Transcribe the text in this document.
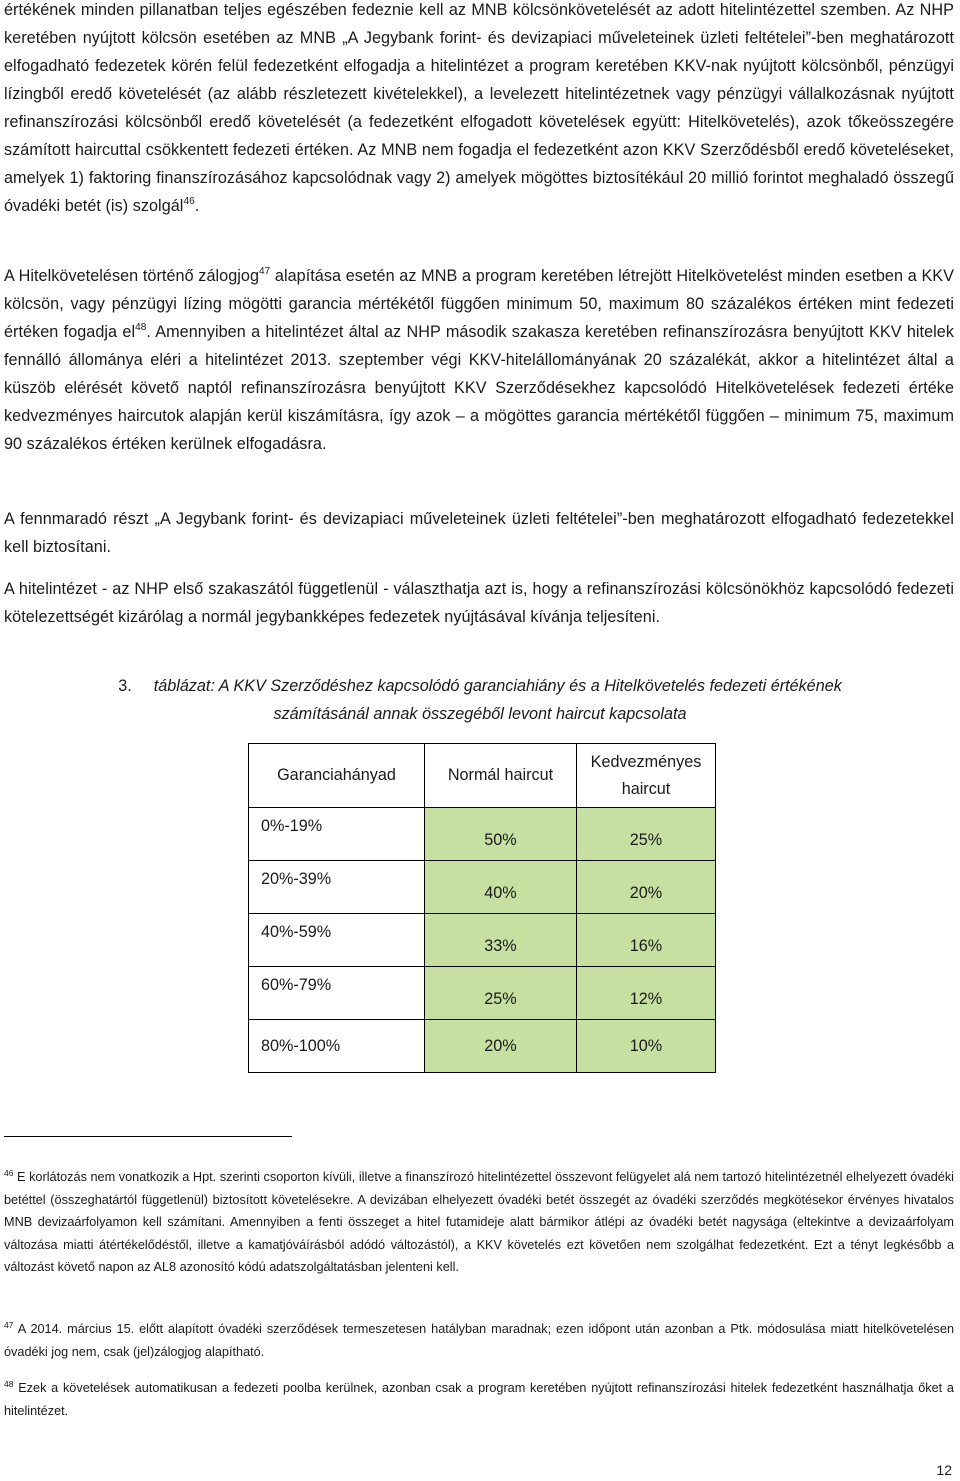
értékének minden pillanatban teljes egészében fedeznie kell az MNB kölcsönkövetelését az adott hitelintézettel szemben. Az NHP keretében nyújtott kölcsön esetében az MNB „A Jegybank forint- és devizapiaci műveleteinek üzleti feltételei”-ben meghatározott elfogadható fedezetek körén felül fedezetként elfogadja a hitelintézet a program keretében KKV-nak nyújtott kölcsönből, pénzügyi lízingből eredő követelését (az alább részletezett kivételekkel), a levelezett hitelintézetnek vagy pénzügyi vállalkozásnak nyújtott refinanszírozási kölcsönből eredő követelését (a fedezetként elfogadott követelések együtt: Hitelkövetelés), azok tőkeösszegére számított haircuttal csökkentett fedezeti értéken. Az MNB nem fogadja el fedezetként azon KKV Szerződésből eredő követeléseket, amelyek 1) faktoring finanszírozásához kapcsolódnak vagy 2) amelyek mögöttes biztosítékául 20 millió forintot meghaladó összegű óvadéki betét (is) szolgál$^{46}$.

A Hitelkövetelésen történő zálogjog$^{47}$ alapítása esetén az MNB a program keretében létrejött Hitelkövetelést minden esetben a KKV kölcsön, vagy pénzügyi lízing mögötti garancia mértékétől függően minimum 50, maximum 80 százalékos értéken mint fedezeti értéken fogadja $el^{48}$. Amennyiben a hitelintézet által az NHP második szakasza keretében refinanszírozásra benyújtott KKV hitelek fennálló állománya eléri a hitelintézet 2013. szeptember végi KKV-hitelállományának 20 százalékát, akkor a hitelintézet által a küszöb elérését követő naptól refinanszírozásra benyújtott KKV Szerződésekhez kapcsolódó Hitelkövetelések fedezeti értéke kedvezményes haircutok alapján kerül kiszámításra, így azok – a mögöttes garancia mértékétől függően – minimum 75, maximum 90 százalékos értéken kerülnek elfogadásra.

A fennmaradó részt „A Jegybank forint- és devizapiaci műveleteinek üzleti feltételei”-ben meghatározott elfogadható fedezetekkel kell biztosítani.

A hitelintézet - az NHP első szakaszától függetlenül - választhatja azt is, hogy a refinanszírozási kölcsönökhöz kapcsolódó fedezeti kötelezettségét kizárólag a normál jegybankképes fedezetek nyújtásával kívánja teljesíteni.

3. táblázat: A KKV Szerződéshez kapcsolódó garanciahiány és a Hitelkövetelés fedezeti értékének
számításánál annak összegéből levont haircut kapcsolata
Garanciahányad	Normál haircut	Kedvezményes
haircut

0%-19%	50%	25%
20%-39%	40%	20%
40%-59%	33%	16%
60%-79%	25%	12%
80%-100%	20%	10%

$^{46}$ E korlátozás nem vonatkozik a Hpt. szerinti csoporton kívüli, illetve a finanszírozó hitelintézettel összevont felügyelet alá nem tartozó hitelintézetnél elhelyezett óvadéki betéttel (összeghatártól függetlenül) biztosított követelésekre. A devizában elhelyezett óvadéki betét összegét az óvadéki szerződés megkötésekor érvényes hivatalos MNB devizaárfolyamon kell számítani. Amennyiben a fenti összeget a hitel futamideje alatt bármikor átlépi az óvadéki betét nagysága (eltekintve a devizaárfolyam változása miatti átértékelődéstől, illetve a kamatjóváírásból adódó változástól), a KKV követelés ezt követően nem szolgálhat fedezetként. Ezt a tényt legkésőbb a változást követő napon az AL8 azonosító kódú adatszolgáltatásban jelenteni kell.

$^{47}$ A 2014. március 15. előtt alapított óvadéki szerződések termeszetesen hatályban maradnak; ezen időpont után azonban a Ptk. módosulása miatt hitelkövetelésen óvadéki jog nem, csak (jel)zálogjog alapítható.

$^{48}$ Ezek a követelések automatikusan a fedezeti poolba kerülnek, azonban csak a program keretében nyújtott refinanszírozási hitelek fedezetként használhatja őket a hitelintézet.

12
